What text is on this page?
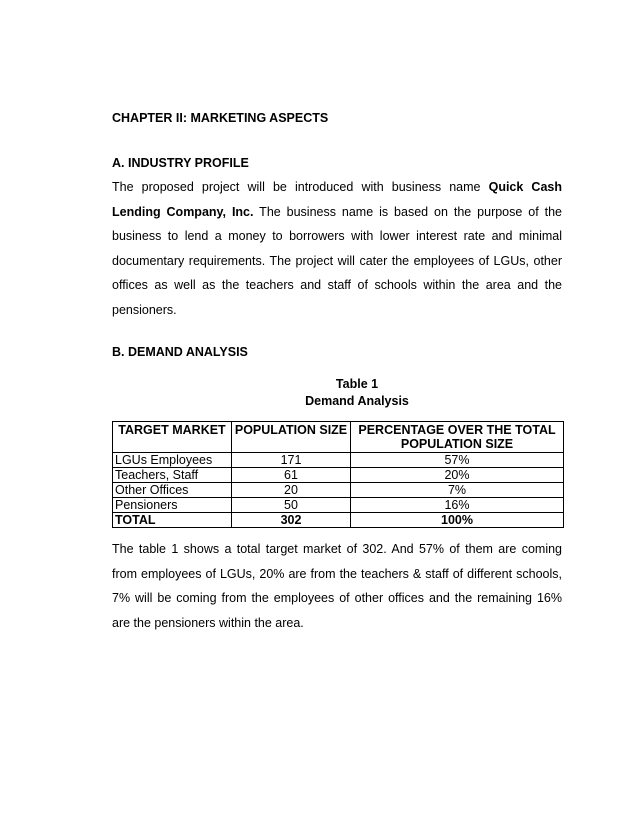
CHAPTER II: MARKETING ASPECTS
A. INDUSTRY PROFILE

The proposed project will be introduced with business name Quick Cash Lending Company, Inc. The business name is based on the purpose of the business to lend a money to borrowers with lower interest rate and minimal documentary requirements. The project will cater the employees of LGUs, other offices as well as the teachers and staff of schools within the area and the pensioners.

B. DEMAND ANALYSIS
Table 1
Demand Analysis
TARGET MARKET	POPULATION SIZE	PERCENTAGE OVER THE TOTAL POPULATION SIZE
LGUs Employees	171	57%
Teachers, Staff	61	20%
Other Offices	20	7%
Pensioners	50	16%
TOTAL	302	100%

The table 1 shows a total target market of 302. And 57% of them are coming from employees of LGUs, 20% are from the teachers & staff of different schools, 7% will be coming from the employees of other offices and the remaining 16% are the pensioners within the area.
